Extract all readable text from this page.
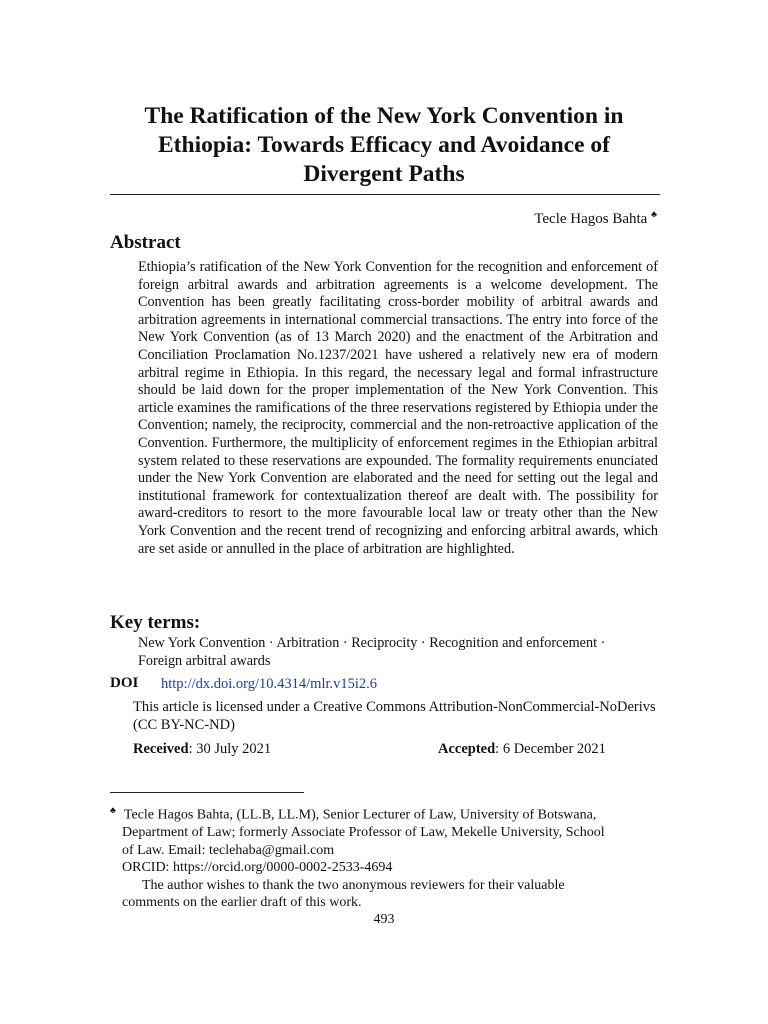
The Ratification of the New York Convention in Ethiopia: Towards Efficacy and Avoidance of Divergent Paths
Tecle Hagos Bahta ♣
Abstract

Ethiopia’s ratification of the New York Convention for the recognition and enforcement of foreign arbitral awards and arbitration agreements is a welcome development. The Convention has been greatly facilitating cross-border mobility of arbitral awards and arbitration agreements in international commercial transactions. The entry into force of the New York Convention (as of 13 March 2020) and the enactment of the Arbitration and Conciliation Proclamation No.1237/2021 have ushered a relatively new era of modern arbitral regime in Ethiopia. In this regard, the necessary legal and formal infrastructure should be laid down for the proper implementation of the New York Convention. This article examines the ramifications of the three reservations registered by Ethiopia under the Convention; namely, the reciprocity, commercial and the non-retroactive application of the Convention. Furthermore, the multiplicity of enforcement regimes in the Ethiopian arbitral system related to these reservations are expounded. The formality requirements enunciated under the New York Convention are elaborated and the need for setting out the legal and institutional framework for contextualization thereof are dealt with. The possibility for award-creditors to resort to the more favourable local law or treaty other than the New York Convention and the recent trend of recognizing and enforcing arbitral awards, which are set aside or annulled in the place of arbitration are highlighted.

Key terms:

New York Convention · Arbitration · Reciprocity · Recognition and enforcement · Foreign arbitral awards

DOI http://dx.doi.org/10.4314/mlr.v15i2.6

This article is licensed under a Creative Commons Attribution-NonCommercial-NoDerivs (CC BY-NC-ND)

Received: 30 July 2021	Accepted: 6 December 2021

♣ Tecle Hagos Bahta, (LL.B, LL.M), Senior Lecturer of Law, University of Botswana,

Department of Law; formerly Associate Professor of Law, Mekelle University, School

of Law. Email: teclehaba@gmail.com

ORCID: https://orcid.org/0000-0002-2533-4694

The author wishes to thank the two anonymous reviewers for their valuable

comments on the earlier draft of this work.

493
